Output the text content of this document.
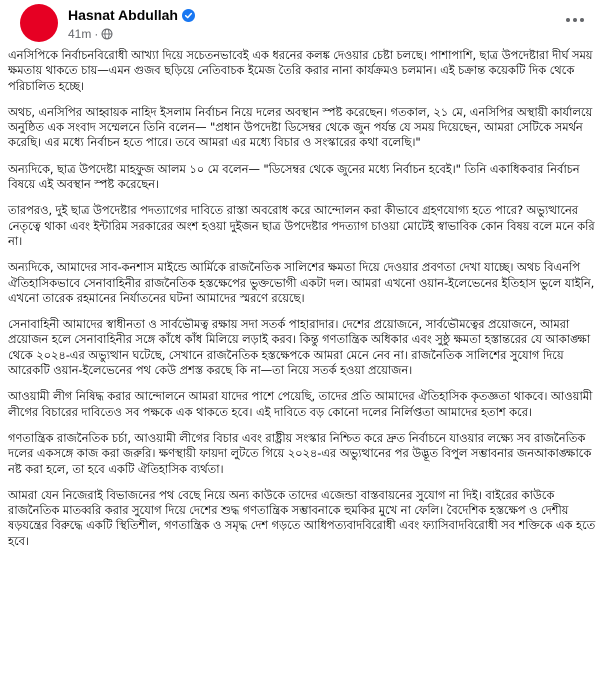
Hasnat Abdullah
41m ·

এনসিপিকে নির্বাচনবিরোধী আখ্যা দিয়ে সচেতনভাবেই এক ধরনের কলঙ্ক দেওয়ার চেষ্টা চলছে। পাশাপাশি, ছাত্র উপদেষ্টারা দীর্ঘ সময় ক্ষমতায় থাকতে চায়—এমন গুজব ছড়িয়ে নেতিবাচক ইমেজ তৈরি করার নানা কার্যক্রমও চলমান। এই চক্রান্ত কয়েকটি দিক থেকে পরিচালিত হচ্ছে।

অথচ, এনসিপির আহ্বায়ক নাহিদ ইসলাম নির্বাচন নিয়ে দলের অবস্থান স্পষ্ট করেছেন। গতকাল, ২১ মে, এনসিপির অস্থায়ী কার্যালয়ে অনুষ্ঠিত এক সংবাদ সম্মেলনে তিনি বলেন— "প্রধান উপদেষ্টা ডিসেম্বর থেকে জুন পর্যন্ত যে সময় দিয়েছেন, আমরা সেটিকে সমর্থন করেছি। এর মধ্যে নির্বাচন হতে পারে। তবে আমরা এর মধ্যে বিচার ও সংস্কারের কথা বলেছি।"

অন্যদিকে, ছাত্র উপদেষ্টা মাহফুজ আলম ১০ মে বলেন— "ডিসেম্বর থেকে জুনের মধ্যে নির্বাচন হবেই।" তিনি একাধিকবার নির্বাচন বিষয়ে এই অবস্থান স্পষ্ট করেছেন।

তারপরও, দুই ছাত্র উপদেষ্টার পদত্যাগের দাবিতে রাস্তা অবরোধ করে আন্দোলন করা কীভাবে গ্রহণযোগ্য হতে পারে? অভ্যুত্থানের নেতৃত্বে থাকা এবং ইন্টারিম সরকারের অংশ হওয়া দুইজন ছাত্র উপদেষ্টার পদত্যাগ চাওয়া মোটেই স্বাভাবিক কোন বিষয় বলে মনে করি না।

অন্যদিকে, আমাদের সাব-কনশাস মাইন্ডে আর্মিকে রাজনৈতিক সালিশের ক্ষমতা দিয়ে দেওয়ার প্রবণতা দেখা যাচ্ছে। অথচ বিএনপি ঐতিহাসিকভাবে সেনাবাহিনীর রাজনৈতিক হস্তক্ষেপের ভুক্তভোগী একটা দল। আমরা এখনো ওয়ান-ইলেভেনের ইতিহাস ভুলে যাইনি, এখনো তারেক রহমানের নির্যাতনের ঘটনা আমাদের স্মরণে রয়েছে।

সেনাবাহিনী আমাদের স্বাধীনতা ও সার্বভৌমত্ব রক্ষায় সদা সতর্ক পাহারাদার। দেশের প্রয়োজনে, সার্বভৌমত্বের প্রয়োজনে, আমরা প্রয়োজন হলে সেনাবাহিনীর সঙ্গে কাঁধে কাঁধ মিলিয়ে লড়াই করব। কিন্তু গণতান্ত্রিক অধিকার এবং সুষ্ঠু ক্ষমতা হস্তান্তরের যে আকাঙ্ক্ষা থেকে ২০২৪-এর অভ্যুত্থান ঘটেছে, সেখানে রাজনৈতিক হস্তক্ষেপকে আমরা মেনে নেব না। রাজনৈতিক সালিশের সুযোগ দিয়ে আরেকটি ওয়ান-ইলেভেনের পথ কেউ প্রশস্ত করছে কি না—তা নিয়ে সতর্ক হওয়া প্রয়োজন।

আওয়ামী লীগ নিষিদ্ধ করার আন্দোলনে আমরা যাদের পাশে পেয়েছি, তাদের প্রতি আমাদের ঐতিহাসিক কৃতজ্ঞতা থাকবে। আওয়ামী লীগের বিচারের দাবিতেও সব পক্ষকে এক থাকতে হবে। এই দাবিতে বড় কোনো দলের নির্লিপ্ততা আমাদের হতাশ করে।

গণতান্ত্রিক রাজনৈতিক চর্চা, আওয়ামী লীগের বিচার এবং রাষ্ট্রীয় সংস্কার নিশ্চিত করে দ্রুত নির্বাচনে যাওয়ার লক্ষ্যে সব রাজনৈতিক দলের একসঙ্গে কাজ করা জরুরি। ক্ষণস্থায়ী ফায়দা লুটতে গিয়ে ২০২৪-এর অভ্যুত্থানের পর উদ্ভূত বিপুল সম্ভাবনার জনআকাঙ্ক্ষাকে নষ্ট করা হলে, তা হবে একটি ঐতিহাসিক ব্যর্থতা।

আমরা যেন নিজেরাই বিভাজনের পথ বেছে নিয়ে অন্য কাউকে তাদের এজেন্ডা বাস্তবায়নের সুযোগ না দিই। বাইরের কাউকে রাজনৈতিক মাতব্বরি করার সুযোগ দিয়ে দেশের শুদ্ধ গণতান্ত্রিক সম্ভাবনাকে হুমকির মুখে না ফেলি। বৈদেশিক হস্তক্ষেপ ও দেশীয় ষড়যন্ত্রের বিরুদ্ধে একটি স্থিতিশীল, গণতান্ত্রিক ও সমৃদ্ধ দেশ গড়তে আধিপত্যবাদবিরোধী এবং ফ্যাসিবাদবিরোধী সব শক্তিকে এক হতে হবে।
